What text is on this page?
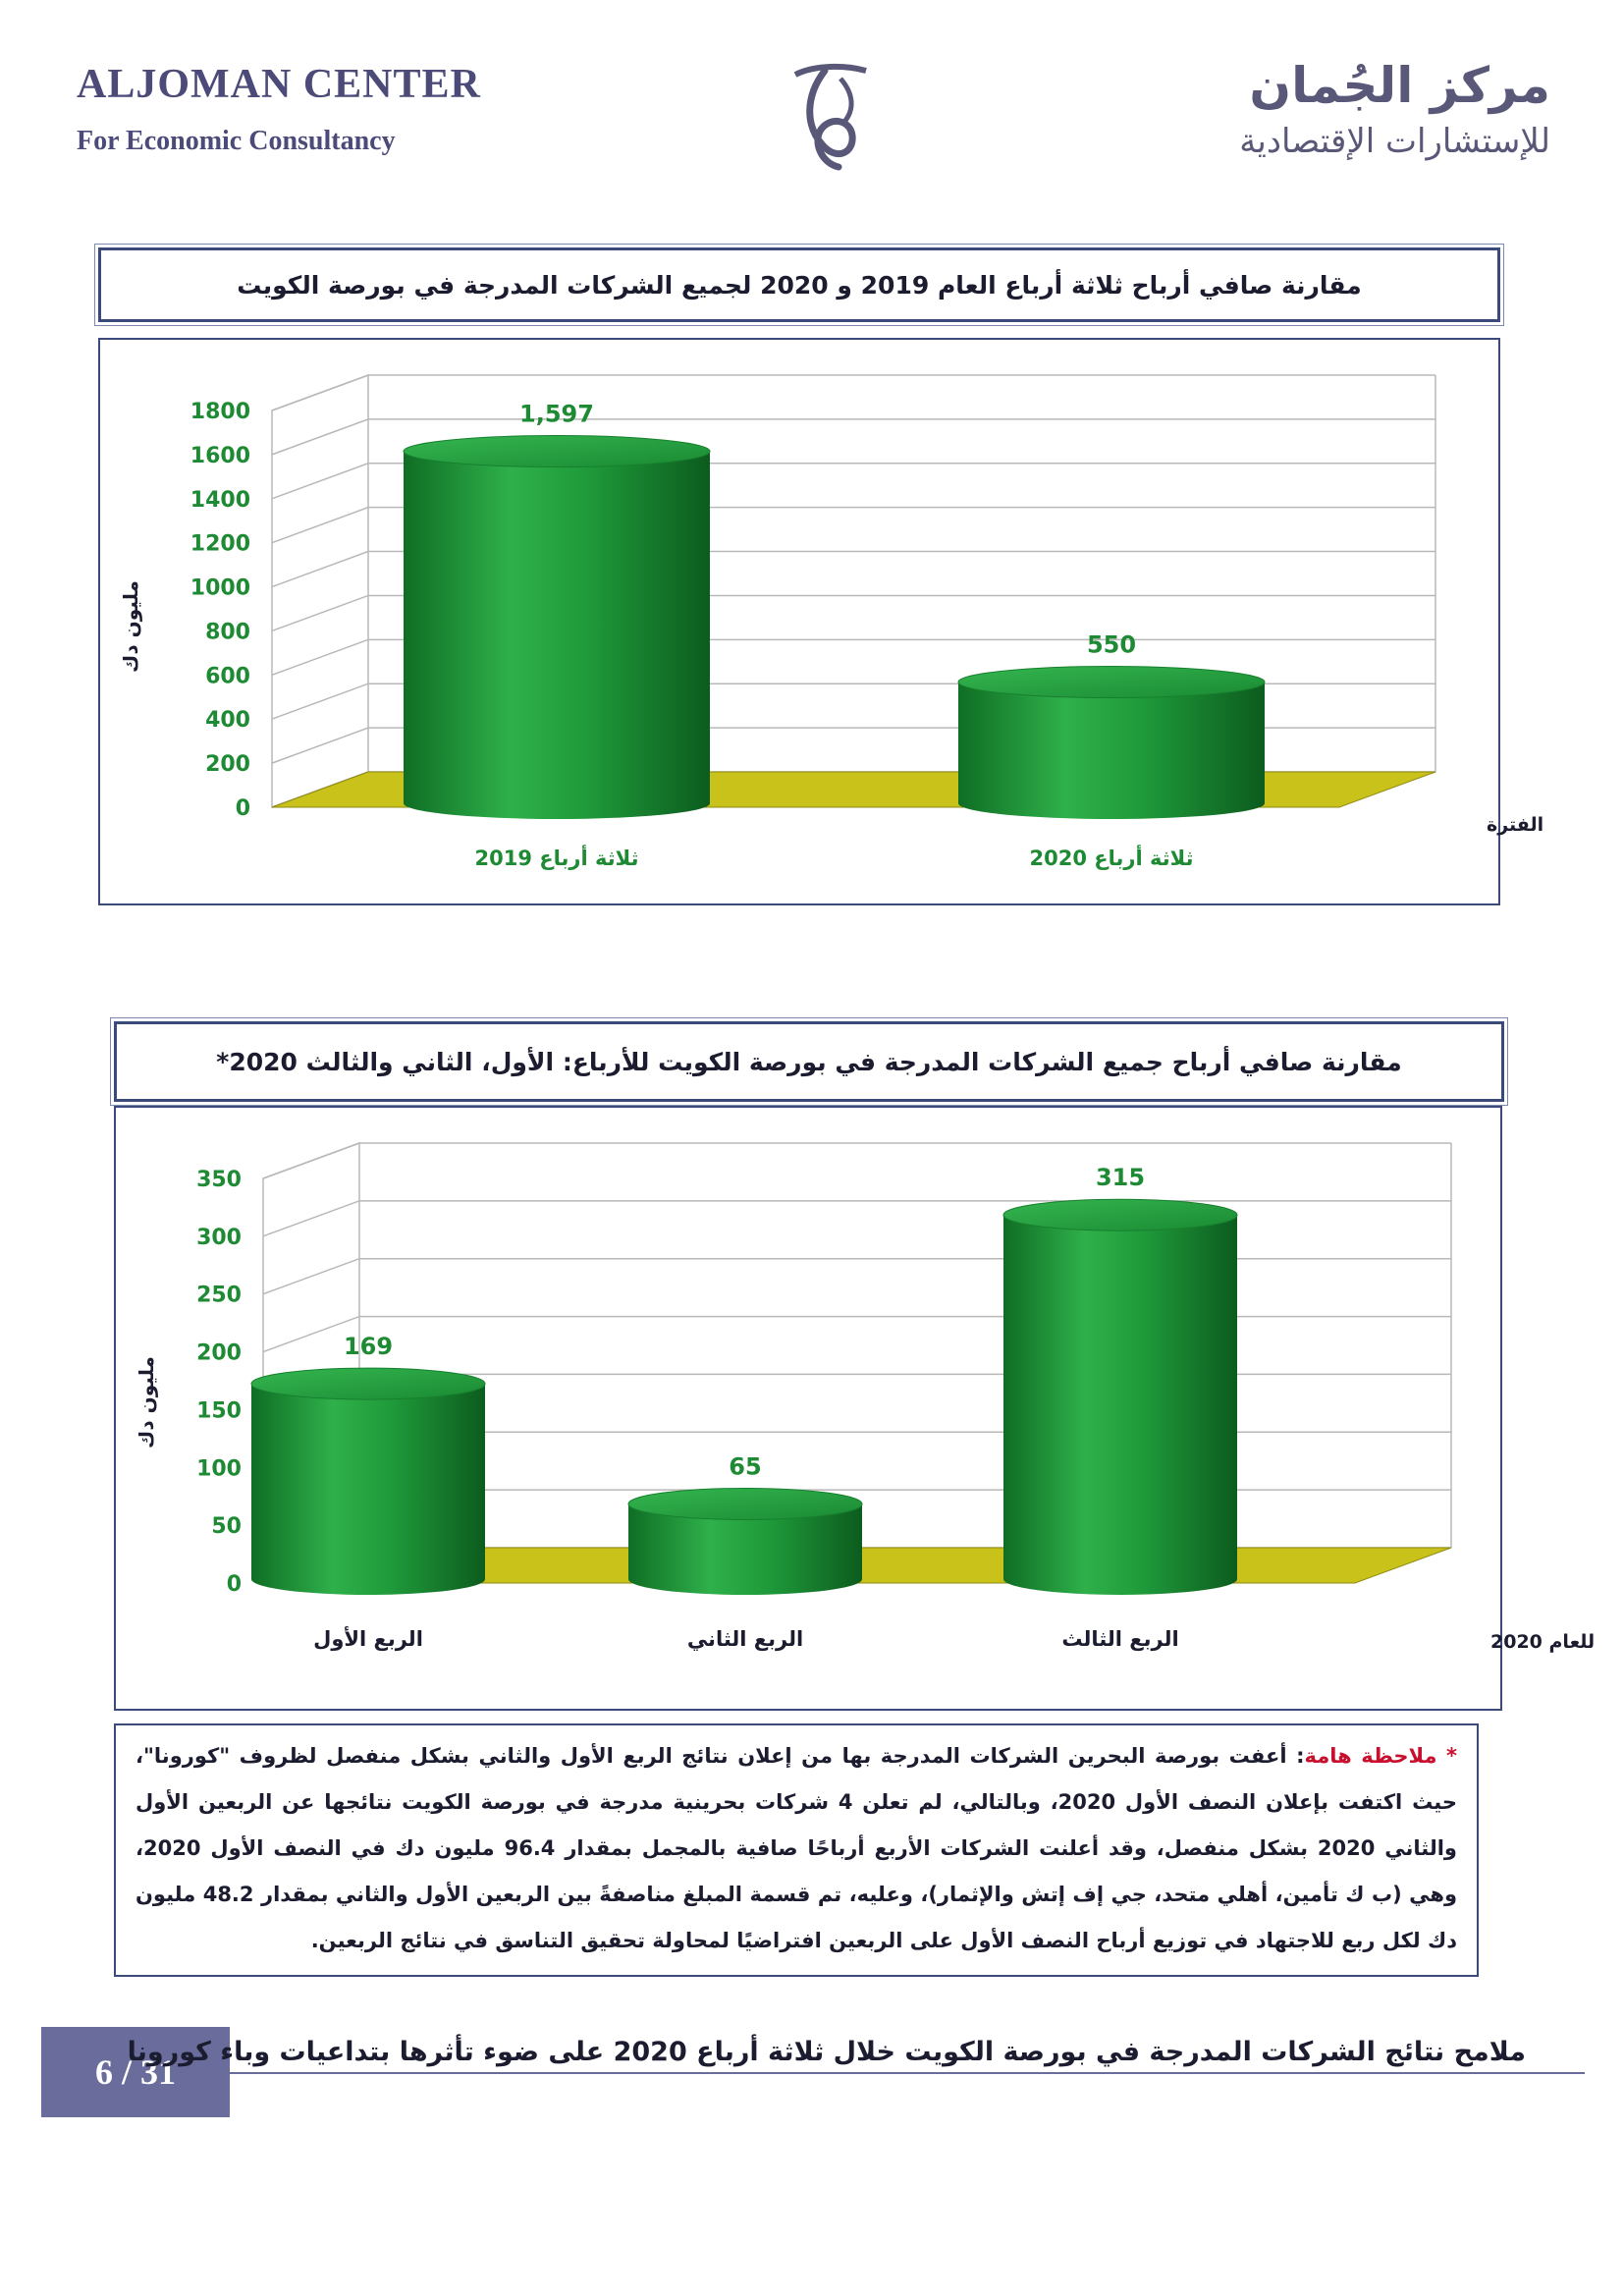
ALJOMAN CENTER
For Economic Consultancy
مركز الجُمان
للإستشارات الإقتصادية
مقارنة صافي أرباح ثلاثة أرباع العام 2019 و 2020 لجميع الشركات المدرجة في بورصة الكويت
0
200
400
600
800
1000
1200
1400
1600
1800	1,597
ثلاثة أرباع 2019
550
ثلاثة أرباع 2020
مليون دك
الفترة
مقارنة صافي أرباح جميع الشركات المدرجة في بورصة الكويت للأرباع: الأول، الثاني والثالث 2020*
0
50
100
150
200
250
300
350
169
الربع الأول
65
الربع الثاني
315
الربع الثالث
مليون دك
للعام 2020
* ملاحظة هامة: أعفت بورصة البحرين الشركات المدرجة بها من إعلان نتائج الربع الأول والثاني بشكل منفصل لظروف "كورونا"، حيث اكتفت بإعلان النصف الأول 2020، وبالتالي، لم تعلن 4 شركات بحرينية مدرجة في بورصة الكويت نتائجها عن الربعين الأول والثاني 2020 بشكل منفصل، وقد أعلنت الشركات الأربع أرباحًا صافية بالمجمل بمقدار 96.4 مليون دك في النصف الأول 2020، وهي (ب ك تأمين، أهلي متحد، جي إف إتش والإثمار)، وعليه، تم قسمة المبلغ مناصفةً بين الربعين الأول والثاني بمقدار 48.2 مليون دك لكل ربع للاجتهاد في توزيع أرباح النصف الأول على الربعين افتراضيًا لمحاولة تحقيق التناسق في نتائج الربعين.
6 / 31
ملامح نتائج الشركات المدرجة في بورصة الكويت خلال ثلاثة أرباع 2020 على ضوء تأثرها بتداعيات وباء كورونا
